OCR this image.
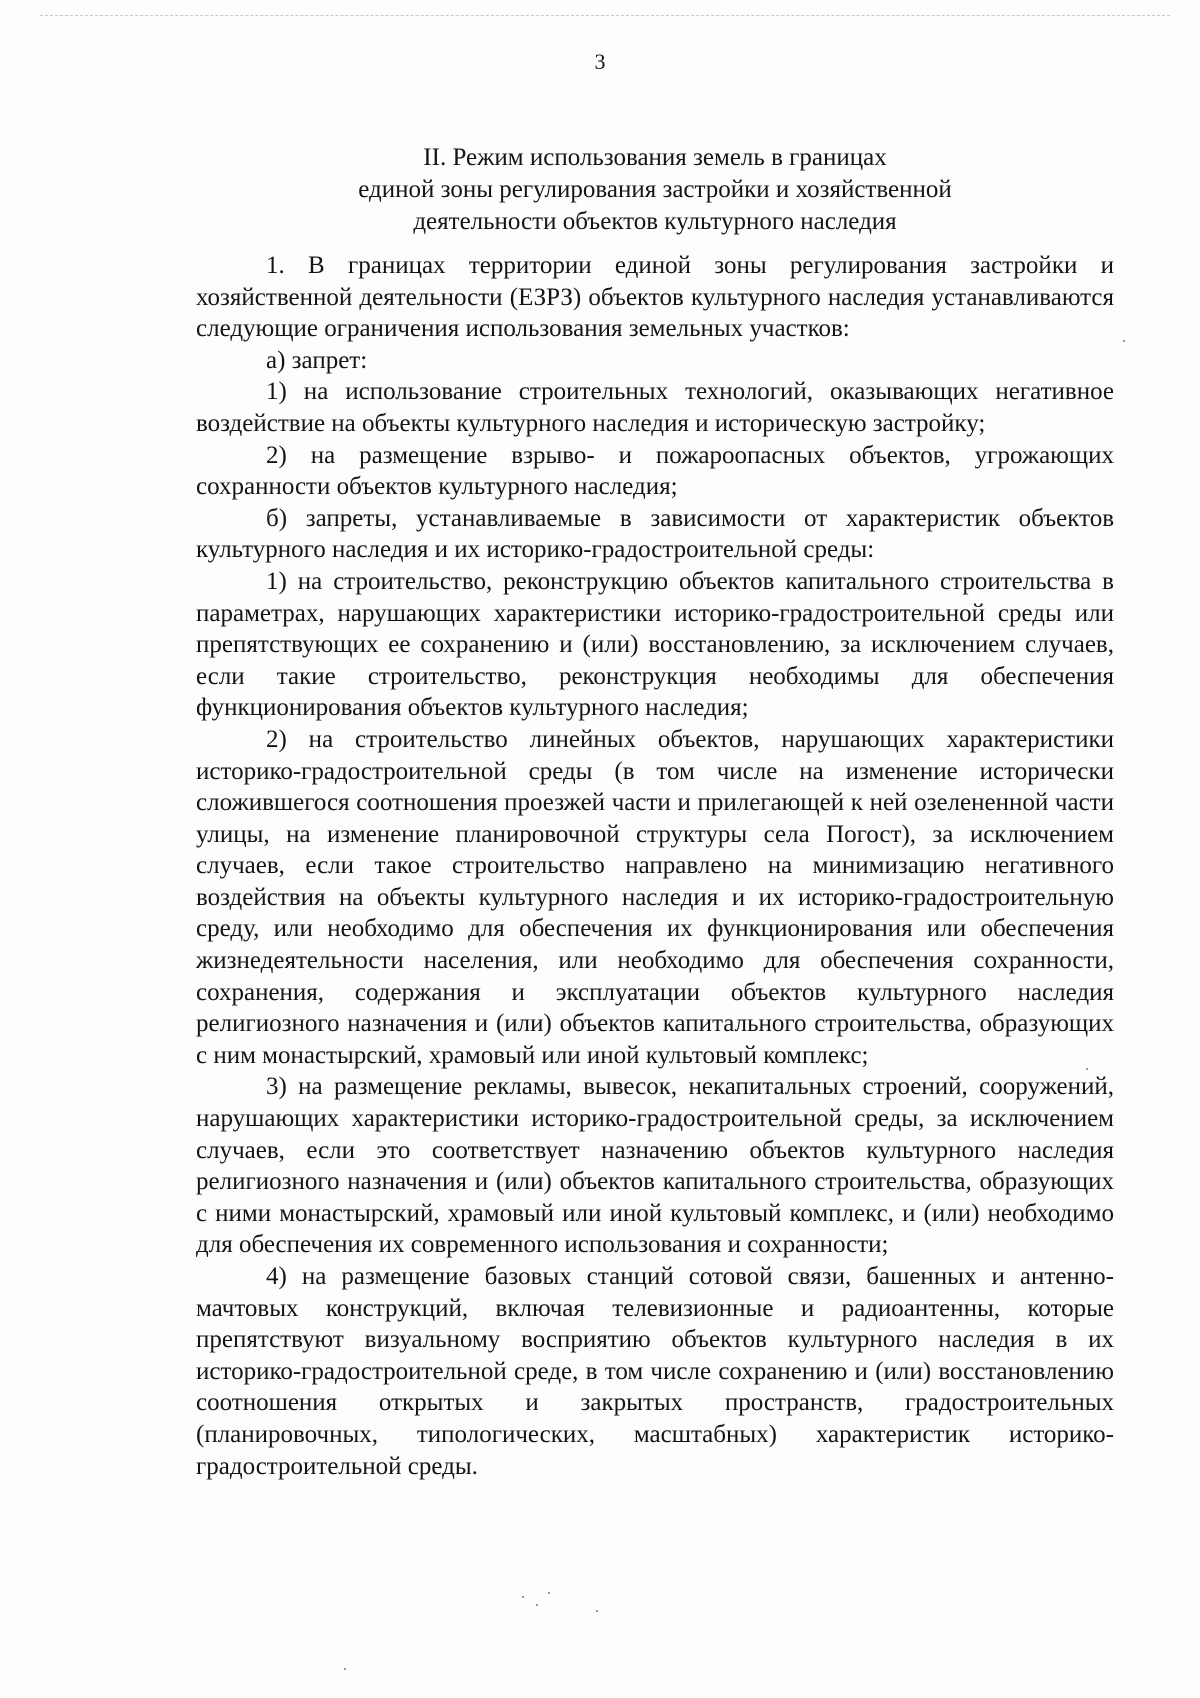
3
II. Режим использования земель в границах
единой зоны регулирования застройки и хозяйственной
деятельности объектов культурного наследия

1. В границах территории единой зоны регулирования застройки и хозяйственной деятельности (ЕЗРЗ) объектов культурного наследия устанавливаются следующие ограничения использования земельных участков:

а) запрет:

1) на использование строительных технологий, оказывающих негативное воздействие на объекты культурного наследия и историческую застройку;

2) на размещение взрыво- и пожароопасных объектов, угрожающих сохранности объектов культурного наследия;

б) запреты, устанавливаемые в зависимости от характеристик объектов культурного наследия и их историко-градостроительной среды:

1) на строительство, реконструкцию объектов капитального строительства в параметрах, нарушающих характеристики историко-градостроительной среды или препятствующих ее сохранению и (или) восстановлению, за исключением случаев, если такие строительство, реконструкция необходимы для обеспечения функционирования объектов культурного наследия;

2) на строительство линейных объектов, нарушающих характеристики историко-градостроительной среды (в том числе на изменение исторически сложившегося соотношения проезжей части и прилегающей к ней озелененной части улицы, на изменение планировочной структуры села Погост), за исключением случаев, если такое строительство направлено на минимизацию негативного воздействия на объекты культурного наследия и их историко-градостроительную среду, или необходимо для обеспечения их функционирования или обеспечения жизнедеятельности населения, или необходимо для обеспечения сохранности, сохранения, содержания и эксплуатации объектов культурного наследия религиозного назначения и (или) объектов капитального строительства, образующих с ним монастырский, храмовый или иной культовый комплекс;

3) на размещение рекламы, вывесок, некапитальных строений, сооружений, нарушающих характеристики историко-градостроительной среды, за исключением случаев, если это соответствует назначению объектов культурного наследия религиозного назначения и (или) объектов капитального строительства, образующих с ними монастырский, храмовый или иной культовый комплекс, и (или) необходимо для обеспечения их современного использования и сохранности;

4) на размещение базовых станций сотовой связи, башенных и антенно-мачтовых конструкций, включая телевизионные и радиоантенны, которые препятствуют визуальному восприятию объектов культурного наследия в их историко-градостроительной среде, в том числе сохранению и (или) восстановлению соотношения открытых и закрытых пространств, градостроительных (планировочных, типологических, масштабных) характеристик историко-градостроительной среды.
